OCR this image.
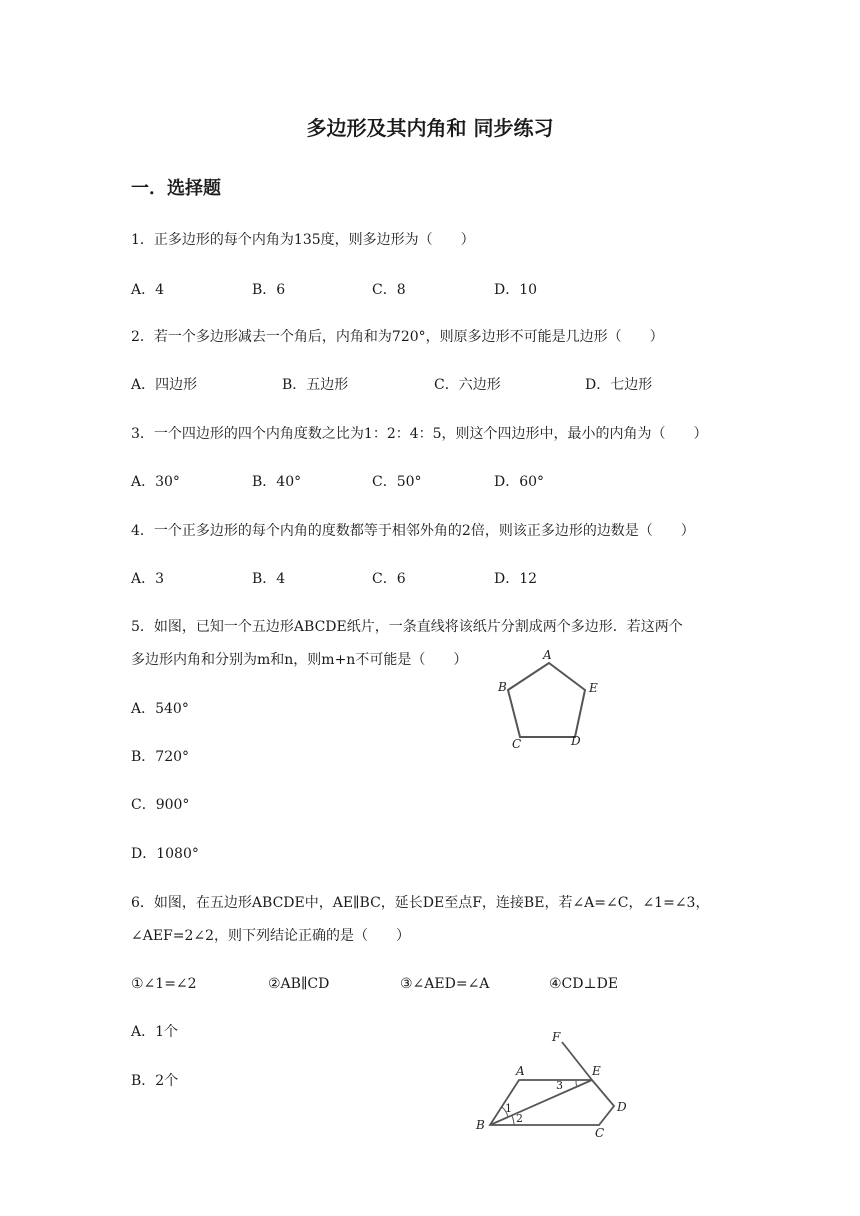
多边形及其内角和 同步练习
一．选择题
1．正多边形的每个内角为135度，则多边形为（　　）
A．4	B．6	C．8	D．10
2．若一个多边形减去一个角后，内角和为720°，则原多边形不可能是几边形（　　）
A．四边形	B．五边形	C．六边形	D．七边形
3．一个四边形的四个内角度数之比为1：2：4：5，则这个四边形中，最小的内角为（　　）
A．30°	B．40°	C．50°	D．60°
4．一个正多边形的每个内角的度数都等于相邻外角的2倍，则该正多边形的边数是（　　）
A．3	B．4	C．6	D．12
5．如图，已知一个五边形ABCDE纸片，一条直线将该纸片分割成两个多边形．若这两个
多边形内角和分别为m和n，则m+n不可能是（　　）
A．540°
B．720°
C．900°
D．1080°
A
B
C	D
E
6．如图，在五边形ABCDE中，AE∥BC，延长DE至点F，连接BE，若∠A=∠C，∠1=∠3，
∠AEF=2∠2，则下列结论正确的是（　　）
①∠1=∠2	②AB∥CD	③∠AED=∠A	④CD⊥DE
A．1个
B．2个
F
A	E
3
1
2
D
B
C
